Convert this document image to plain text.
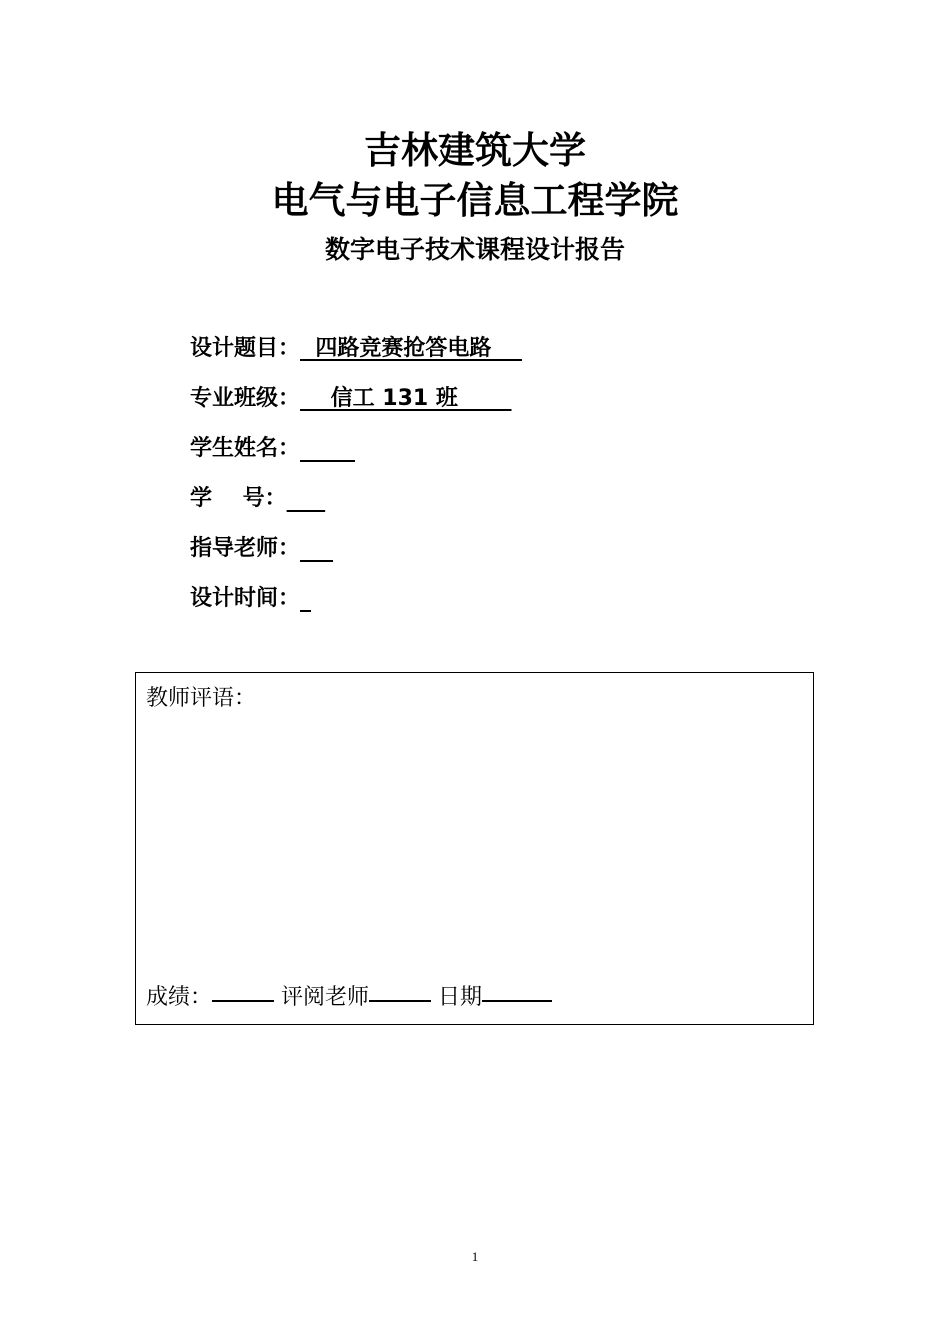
吉林建筑大学
电气与电子信息工程学院
数字电子技术课程设计报告
设计题目：  四路竞赛抢答电路
专业班级：    信工 131 班
学生姓名：
学    号：
指导老师：
设计时间：
教师评语：
成绩：	评阅老师	日期
1
